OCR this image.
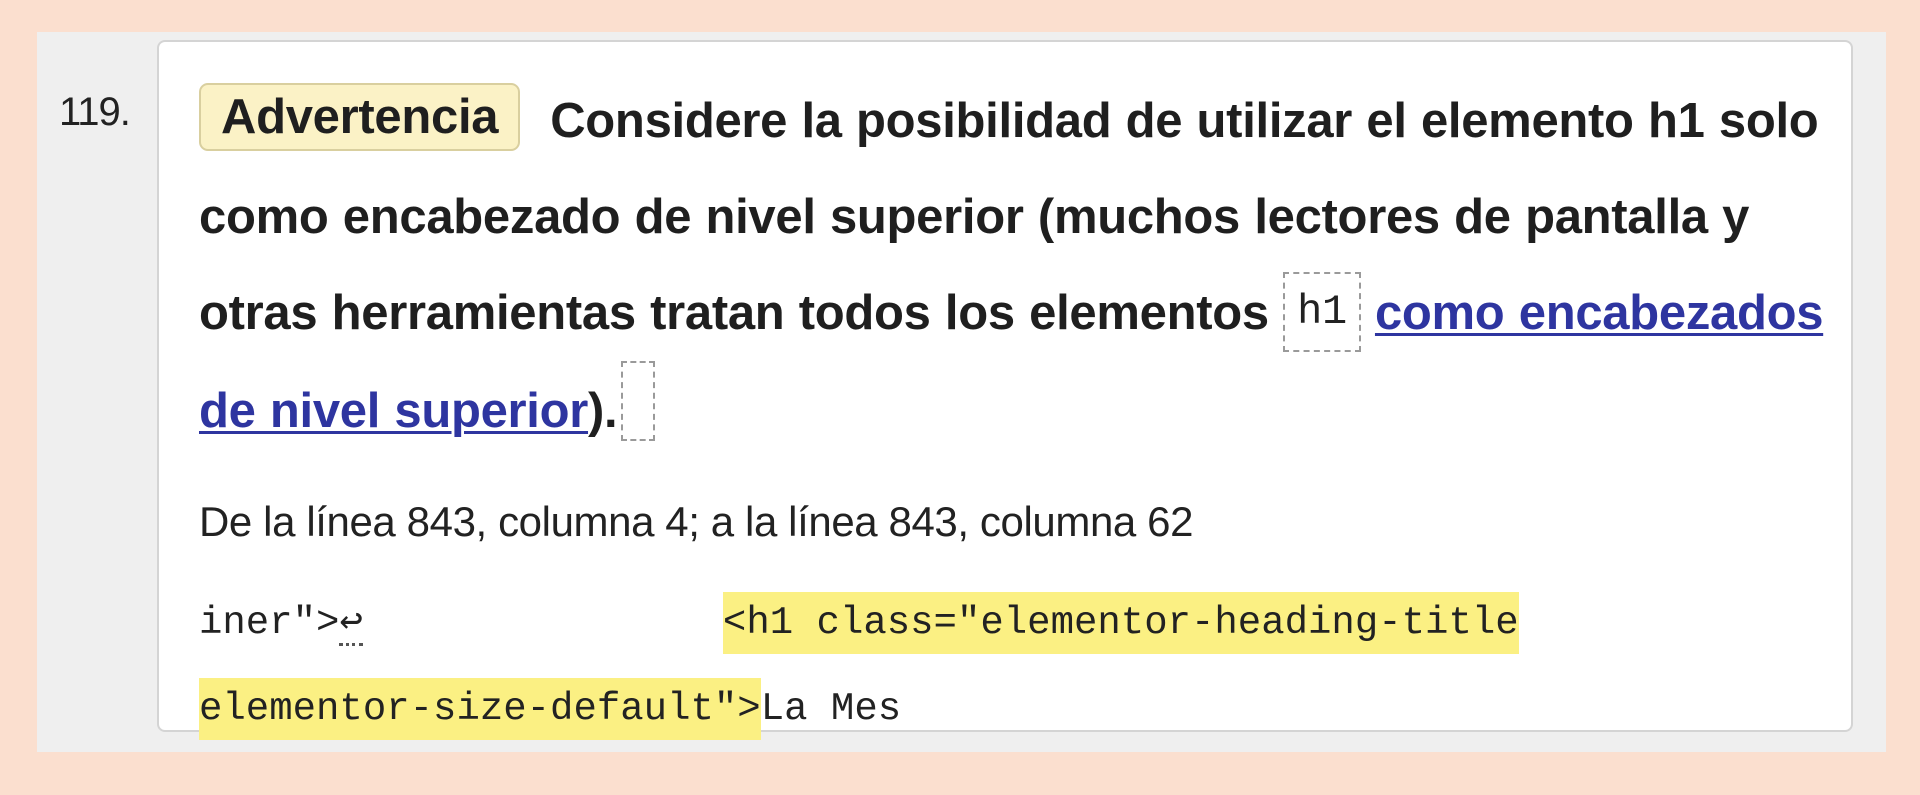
119.	Advertencia Considere la posibilidad de utilizar el elemento h1 solo como encabezado de nivel superior (muchos lectores de pantalla y otras herramientas tratan todos los elementos h1 como encabezados de nivel superior).
De la línea 843, columna 4; a la línea 843, columna 62
iner">↩	<h1 class="elementor-heading-title
elementor-size-default">La Mes
